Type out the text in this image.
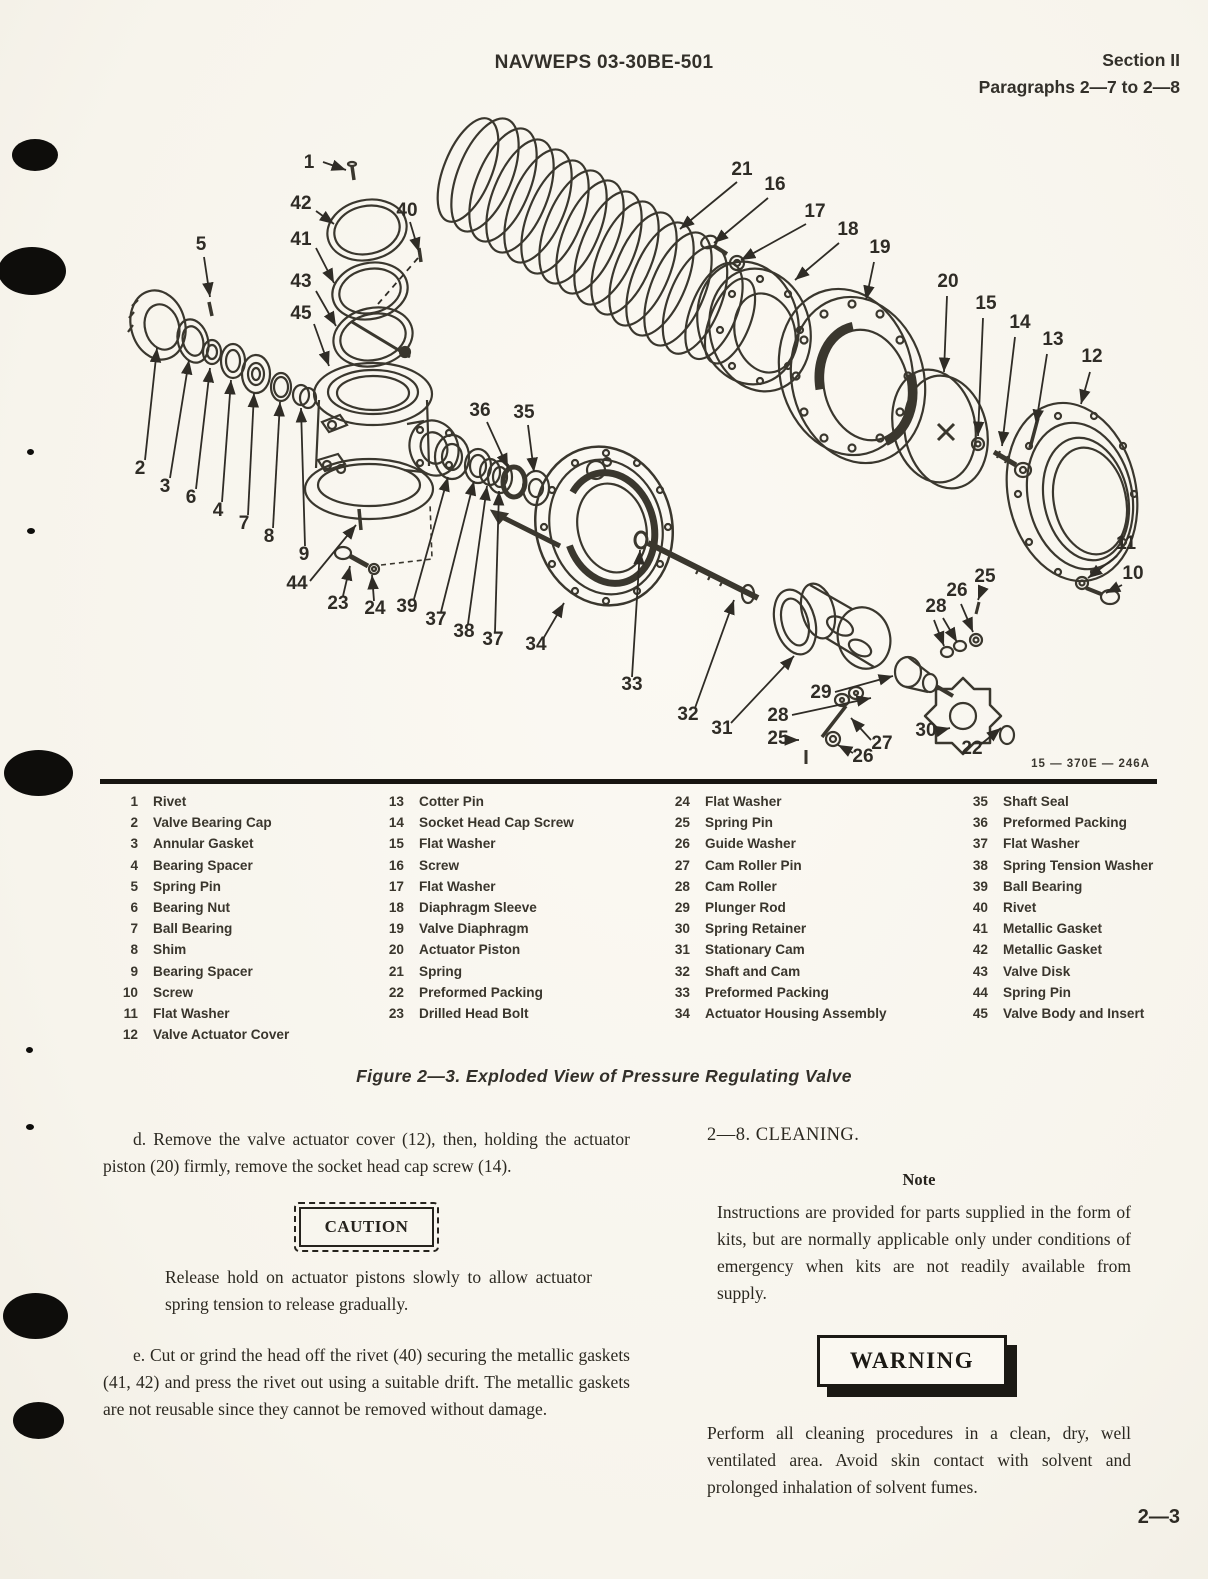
NAVWEPS 03-30BE-501	Section II
Paragraphs 2—7 to 2—8
1
42	40
41
43
45
5
2
3
6
4
7
8
9
44
23 24 39
37
38 37 34
36 35
33
32
31
29
28
25
26
27
30
22
28
26
25
21
16
17
18
19
20
15
14
13
12
11
10
15 — 370E — 246A
1 Rivet
2 Valve Bearing Cap
3 Annular Gasket
4 Bearing Spacer
5 Spring Pin
6 Bearing Nut
7 Ball Bearing
8 Shim
9 Bearing Spacer
10 Screw
11 Flat Washer
12 Valve Actuator Cover
13 Cotter Pin
14 Socket Head Cap Screw
15 Flat Washer
16 Screw
17 Flat Washer
18 Diaphragm Sleeve
19 Valve Diaphragm
20 Actuator Piston
21 Spring
22 Preformed Packing
23 Drilled Head Bolt
24 Flat Washer
25 Spring Pin
26 Guide Washer
27 Cam Roller Pin
28 Cam Roller
29 Plunger Rod
30 Spring Retainer
31 Stationary Cam
32 Shaft and Cam
33 Preformed Packing
34 Actuator Housing Assembly
35 Shaft Seal
36 Preformed Packing
37 Flat Washer
38 Spring Tension Washer
39 Ball Bearing
40 Rivet
41 Metallic Gasket
42 Metallic Gasket
43 Valve Disk
44 Spring Pin
45 Valve Body and Insert
Figure 2—3. Exploded View of Pressure Regulating Valve

d. Remove the valve actuator cover (12), then, holding the actuator piston (20) firmly, remove the socket head cap screw (14).

CAUTION

Release hold on actuator pistons slowly to allow actuator spring tension to release gradually.

e. Cut or grind the head off the rivet (40) securing the metallic gaskets (41, 42) and press the rivet out using a suitable drift. The metallic gaskets are not reusable since they cannot be removed without damage.

2—8. CLEANING.
Note

Instructions are provided for parts supplied in the form of kits, but are normally applicable only under conditions of emergency when kits are not readily available from supply.

WARNING

Perform all cleaning procedures in a clean, dry, well ventilated area. Avoid skin contact with solvent and prolonged inhalation of solvent fumes.

2—3
